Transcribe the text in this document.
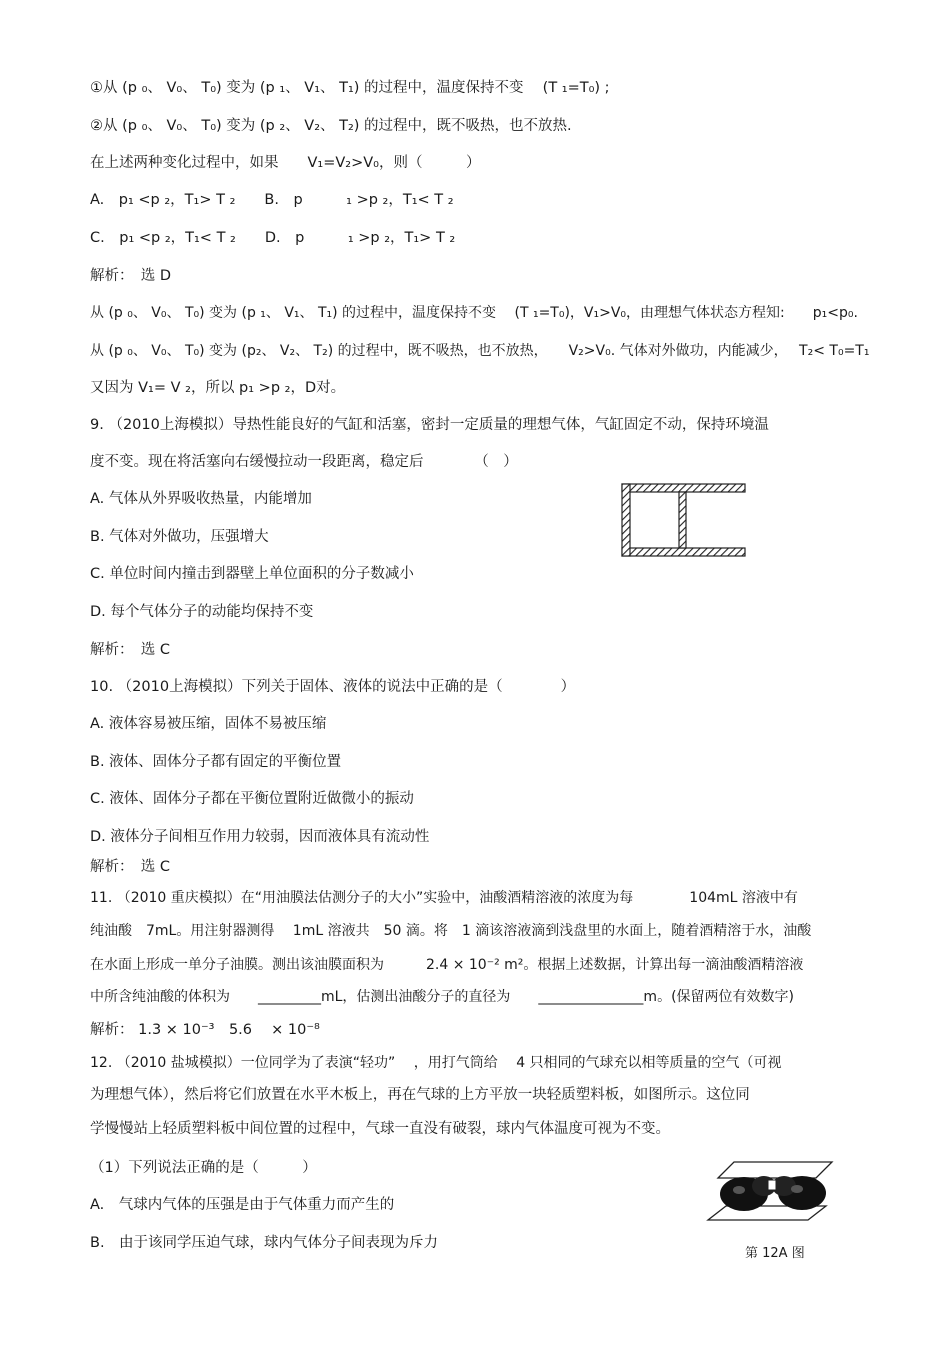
①从 (p ₀、 V₀、 T₀) 变为 (p ₁、 V₁、 T₁) 的过程中，温度保持不变　 (T ₁=T₀) ;
②从 (p ₀、 V₀、 T₀) 变为 (p ₂、 V₂、 T₂) 的过程中，既不吸热，也不放热.
在上述两种变化过程中，如果　　V₁=V₂>V₀，则（　　　）
A.　p₁ <p ₂，T₁> T ₂　　B.　p　　　₁ >p ₂，T₁< T ₂
C.　p₁ <p ₂，T₁< T ₂　　D.　p　　　₁ >p ₂，T₁> T ₂
解析：　选 D
从 (p ₀、 V₀、 T₀) 变为 (p ₁、 V₁、 T₁) 的过程中，温度保持不变　 (T ₁=T₀)，V₁>V₀，由理想气体状态方程知:　　p₁<p₀.
从 (p ₀、 V₀、 T₀) 变为 (p₂、 V₂、 T₂) 的过程中，既不吸热，也不放热，　　V₂>V₀. 气体对外做功，内能减少，　 T₂< T₀=T₁
又因为 V₁= V ₂，所以 p₁ >p ₂，D对。
9. （2010上海模拟）导热性能良好的气缸和活塞，密封一定质量的理想气体，气缸固定不动，保持环境温
度不变。现在将活塞向右缓慢拉动一段距离，稳定后　　　　（　）
A. 气体从外界吸收热量，内能增加
B. 气体对外做功，压强增大
C. 单位时间内撞击到器壁上单位面积的分子数减小
D. 每个气体分子的动能均保持不变
解析：　选 C
10. （2010上海模拟）下列关于固体、液体的说法中正确的是（　　　　）
A. 液体容易被压缩，固体不易被压缩
B. 液体、固体分子都有固定的平衡位置
C. 液体、固体分子都在平衡位置附近做微小的振动
D. 液体分子间相互作用力较弱，因而液体具有流动性
解析：　选 C
11. （2010 重庆模拟）在“用油膜法估测分子的大小”实验中，油酸酒精溶液的浓度为每　　　　104mL 溶液中有
纯油酸　7mL。用注射器测得　 1mL 溶液共　50 滴。将　1 滴该溶液滴到浅盘里的水面上，随着酒精溶于水，油酸
在水面上形成一单分子油膜。测出该油膜面积为　　　2.4 × 10⁻² m²。根据上述数据，计算出每一滴油酸酒精溶液
中所含纯油酸的体积为　　_________mL，估测出油酸分子的直径为　　_______________m。(保留两位有效数字)
解析： 1.3 × 10⁻³　5.6　 × 10⁻⁸
12. （2010 盐城模拟）一位同学为了表演“轻功”　 ，用打气筒给　 4 只相同的气球充以相等质量的空气（可视
为理想气体），然后将它们放置在水平木板上，再在气球的上方平放一块轻质塑料板，如图所示。这位同
学慢慢站上轻质塑料板中间位置的过程中，气球一直没有破裂，球内气体温度可视为不变。
（1）下列说法正确的是（　　　）
A.　气球内气体的压强是由于气体重力而产生的
B.　由于该同学压迫气球，球内气体分子间表现为斥力
第 12A 图
